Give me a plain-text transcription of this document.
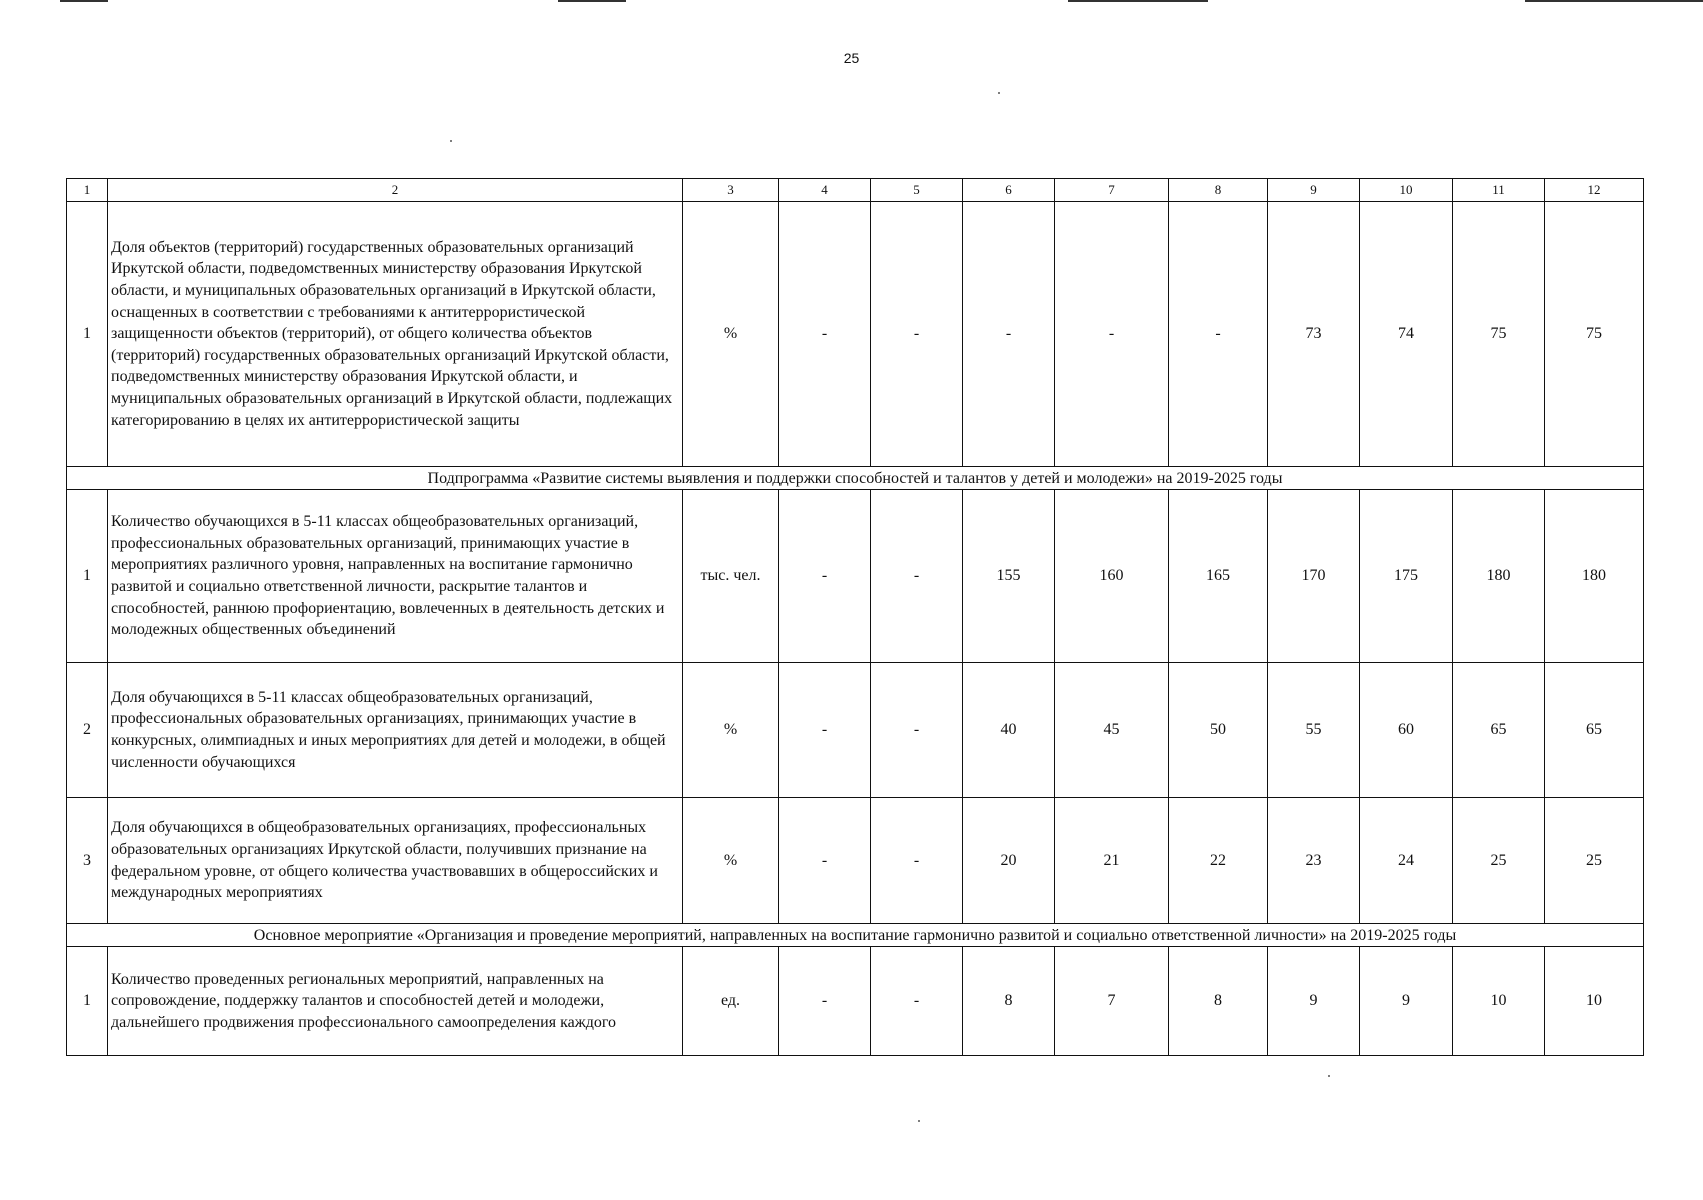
25
1	2	3	4	5	6	7	8	9	10	11	12
1	Доля объектов (территорий) государственных образовательных организаций Иркутской области, подведомственных министерству образования Иркутской области, и муниципальных образовательных организаций в Иркутской области, оснащенных в соответствии с требованиями к антитеррористической защищенности объектов (территорий), от общего количества объектов (территорий) государственных образовательных организаций Иркутской области, подведомственных министерству образования Иркутской области, и муниципальных образовательных организаций в Иркутской области, подлежащих категорированию в целях их антитеррористической защиты	%	-	-	-	-	-	73	74	75	75
Подпрограмма «Развитие системы выявления и поддержки способностей и талантов у детей и молодежи» на 2019-2025 годы											
1	Количество обучающихся в 5-11 классах общеобразовательных организаций, профессиональных образовательных организаций, принимающих участие в мероприятиях различного уровня, направленных на воспитание гармонично развитой и социально ответственной личности, раскрытие талантов и способностей, раннюю профориентацию, вовлеченных в деятельность детских и молодежных общественных объединений	тыс. чел.	-	-	155	160	165	170	175	180	180
2	Доля обучающихся в 5-11 классах общеобразовательных организаций, профессиональных образовательных организациях, принимающих участие в конкурсных, олимпиадных и иных мероприятиях для детей и молодежи, в общей численности обучающихся	%	-	-	40	45	50	55	60	65	65
3	Доля обучающихся в общеобразовательных организациях, профессиональных образовательных организациях Иркутской области, получивших признание на федеральном уровне, от общего количества участвовавших в общероссийских и международных мероприятиях	%	-	-	20	21	22	23	24	25	25
Основное мероприятие «Организация и проведение мероприятий, направленных на воспитание гармонично развитой и социально ответственной личности» на 2019-2025 годы											
1	Количество проведенных региональных мероприятий, направленных на сопровождение, поддержку талантов и способностей детей и молодежи, дальнейшего продвижения профессионального самоопределения каждого	ед.	-	-	8	7	8	9	9	10	10
